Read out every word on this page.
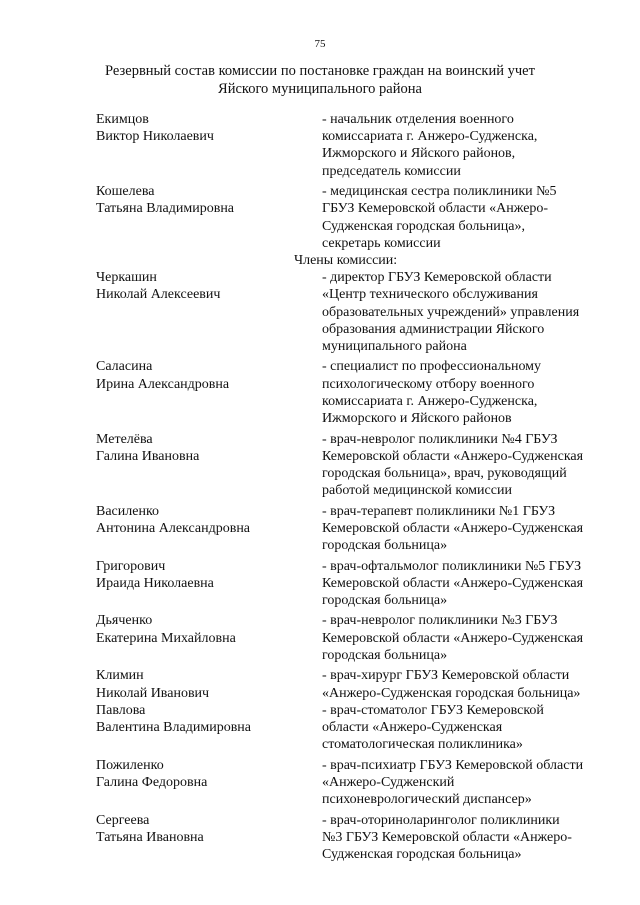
75
Резервный состав комиссии по постановке граждан на воинский учет
Яйского муниципального района
Екимцов
Виктор Николаевич
- начальник отделения военного
комиссариата г. Анжеро-Судженска,
Ижморского и Яйского районов,
председатель комиссии
Кошелева
Татьяна Владимировна
- медицинская сестра поликлиники №5
ГБУЗ Кемеровской области «Анжеро-
Судженская городская больница»,
секретарь комиссии
Члены комиссии:
Черкашин
Николай Алексеевич
- директор ГБУЗ Кемеровской области
«Центр технического обслуживания
образовательных учреждений» управления
образования администрации Яйского
муниципального района
Саласина
Ирина Александровна
- специалист по профессиональному
психологическому отбору военного
комиссариата г. Анжеро-Судженска,
Ижморского и Яйского районов
Метелёва
Галина Ивановна
- врач-невролог поликлиники №4 ГБУЗ
Кемеровской области «Анжеро-Судженская
городская больница», врач, руководящий
работой медицинской комиссии
Василенко
Антонина Александровна
- врач-терапевт поликлиники №1 ГБУЗ
Кемеровской области «Анжеро-Судженская
городская больница»
Григорович
Ираида Николаевна
- врач-офтальмолог поликлиники №5 ГБУЗ
Кемеровской области «Анжеро-Судженская
городская больница»
Дьяченко
Екатерина Михайловна
- врач-невролог поликлиники №3 ГБУЗ
Кемеровской области «Анжеро-Судженская
городская больница»
Климин
Николай Иванович
- врач-хирург ГБУЗ Кемеровской области
«Анжеро-Судженская городская больница»
Павлова
Валентина Владимировна
- врач-стоматолог ГБУЗ Кемеровской
области «Анжеро-Судженская
стоматологическая поликлиника»
Пожиленко
Галина Федоровна
- врач-психиатр ГБУЗ Кемеровской области
«Анжеро-Судженский
психоневрологический диспансер»
Сергеева
Татьяна Ивановна
- врач-оториноларинголог поликлиники
№3 ГБУЗ Кемеровской области «Анжеро-
Судженская городская больница»
